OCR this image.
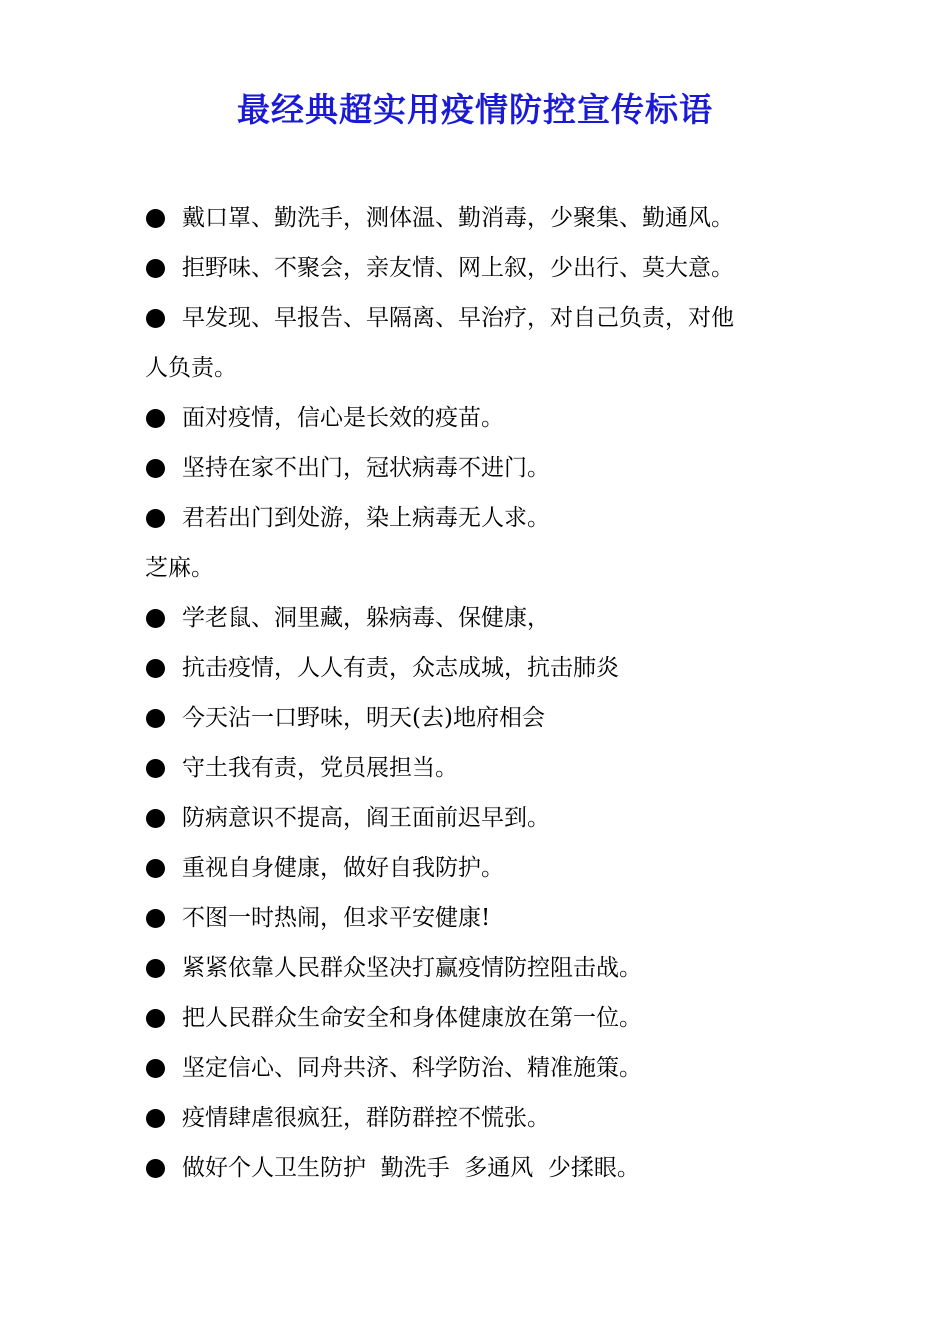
最经典超实用疫情防控宣传标语
戴口罩、勤洗手，测体温、勤消毒，少聚集、勤通风。
拒野味、不聚会，亲友情、网上叙，少出行、莫大意。
早发现、早报告、早隔离、早治疗，对自己负责，对他
人负责。
面对疫情，信心是长效的疫苗。
坚持在家不出门，冠状病毒不进门。
君若出门到处游，染上病毒无人求。
芝麻。
学老鼠、洞里藏，躲病毒、保健康，
抗击疫情，人人有责，众志成城，抗击肺炎
今天沾一口野味，明天(去)地府相会
守土我有责，党员展担当。
防病意识不提高，阎王面前迟早到。
重视自身健康，做好自我防护。
不图一时热闹，但求平安健康!
紧紧依靠人民群众坚决打赢疫情防控阻击战。
把人民群众生命安全和身体健康放在第一位。
坚定信心、同舟共济、科学防治、精准施策。
疫情肆虐很疯狂，群防群控不慌张。
做好个人卫生防护  勤洗手  多通风  少揉眼。
